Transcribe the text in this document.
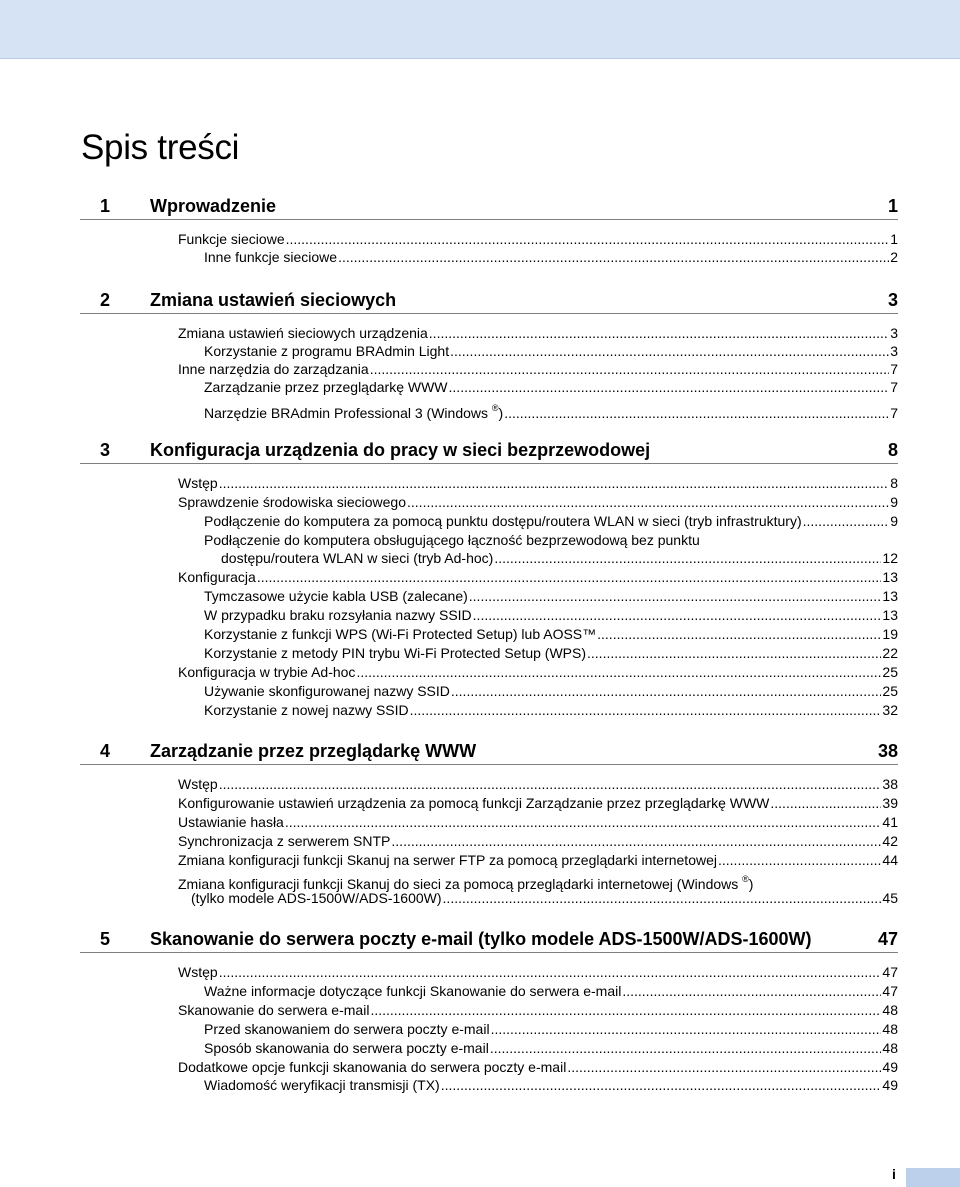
Spis treści
1 Wprowadzenie	1
Funkcje sieciowe .....	1
Inne funkcje sieciowe .....	2
2 Zmiana ustawień sieciowych	3
Zmiana ustawień sieciowych urządzenia .....	3
Korzystanie z programu BRAdmin Light .....	3
Inne narzędzia do zarządzania .....	7
Zarządzanie przez przeglądarkę WWW .....	7
Narzędzie BRAdmin Professional 3 (Windows ®) .....	7
3 Konfiguracja urządzenia do pracy w sieci bezprzewodowej	8
Wstęp .....	8
Sprawdzenie środowiska sieciowego .....	9
Podłączenie do komputera za pomocą punktu dostępu/routera WLAN w sieci (tryb infrastruktury) .....	9
Podłączenie do komputera obsługującego łączność bezprzewodową bez punktu
dostępu/routera WLAN w sieci (tryb Ad-hoc) .....	12
Konfiguracja .....	13
Tymczasowe użycie kabla USB (zalecane) .....	13
W przypadku braku rozsyłania nazwy SSID .....	13
Korzystanie z funkcji WPS (Wi-Fi Protected Setup) lub AOSS™ .....	19
Korzystanie z metody PIN trybu Wi-Fi Protected Setup (WPS) .....	22
Konfiguracja w trybie Ad-hoc .....	25
Używanie skonfigurowanej nazwy SSID .....	25
Korzystanie z nowej nazwy SSID .....	32
4 Zarządzanie przez przeglądarkę WWW	38
Wstęp .....	38
Konfigurowanie ustawień urządzenia za pomocą funkcji Zarządzanie przez przeglądarkę WWW .....	39
Ustawianie hasła .....	41
Synchronizacja z serwerem SNTP .....	42
Zmiana konfiguracji funkcji Skanuj na serwer FTP za pomocą przeglądarki internetowej .....	44
Zmiana konfiguracji funkcji Skanuj do sieci za pomocą przeglądarki internetowej (Windows ®)
(tylko modele ADS-1500W/ADS-1600W) .....	45
5 Skanowanie do serwera poczty e-mail (tylko modele ADS-1500W/ADS-1600W)	47
Wstęp .....	47
Ważne informacje dotyczące funkcji Skanowanie do serwera e-mail .....	47
Skanowanie do serwera e-mail .....	48
Przed skanowaniem do serwera poczty e-mail .....	48
Sposób skanowania do serwera poczty e-mail .....	48
Dodatkowe opcje funkcji skanowania do serwera poczty e-mail .....	49
Wiadomość weryfikacji transmisji (TX) .....	49
i
